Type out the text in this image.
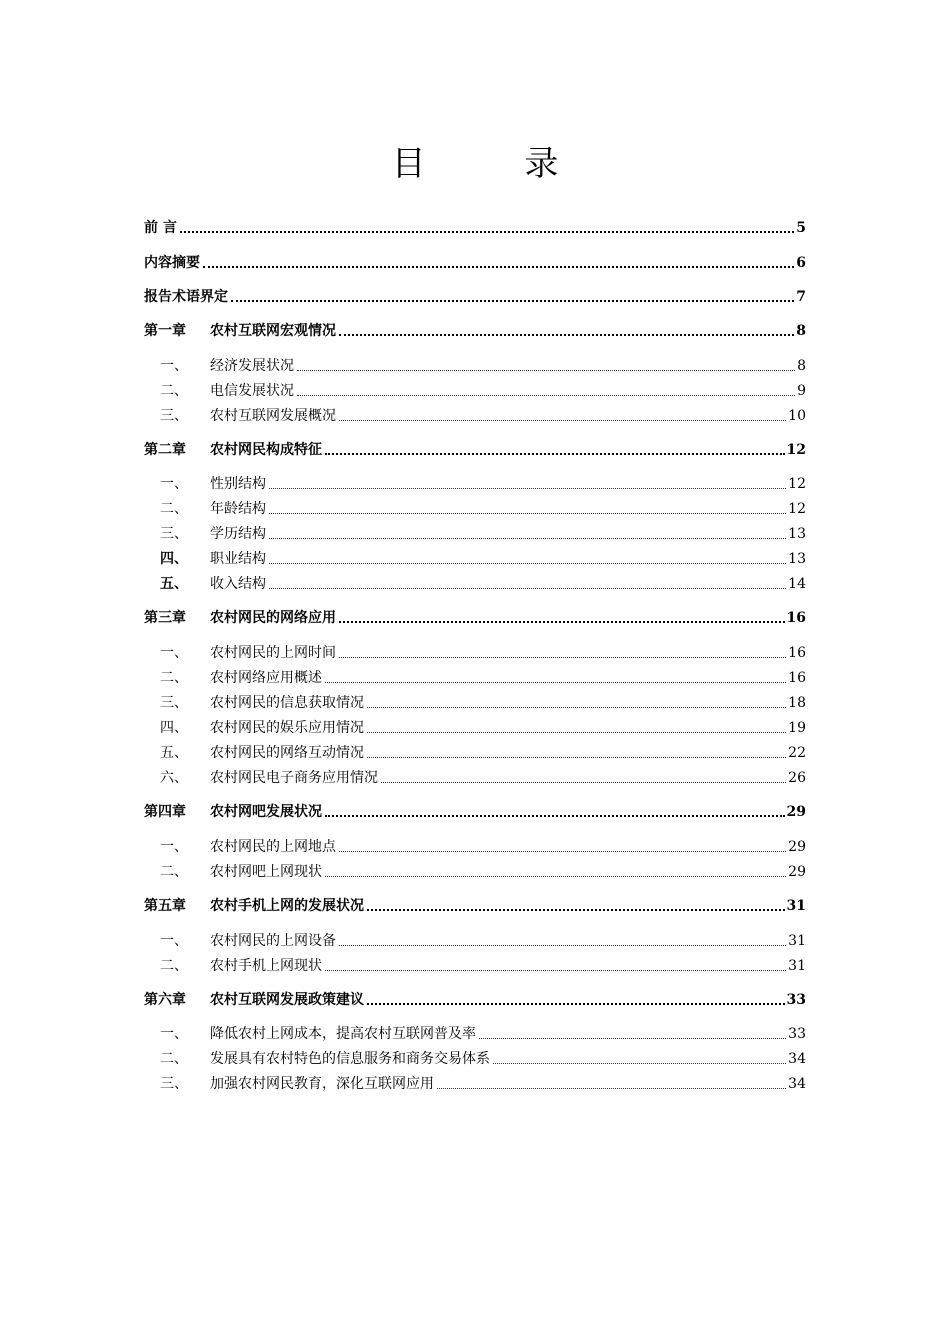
目 录
前 言	5
内容摘要	6
报告术语界定	7
第一章	农村互联网宏观情况	8
一、	经济发展状况	8
二、	电信发展状况	9
三、	农村互联网发展概况	10
第二章	农村网民构成特征	12
一、	性别结构	12
二、	年龄结构	12
三、	学历结构	13
四、	职业结构	13
五、	收入结构	14
第三章	农村网民的网络应用	16
一、	农村网民的上网时间	16
二、	农村网络应用概述	16
三、	农村网民的信息获取情况	18
四、	农村网民的娱乐应用情况	19
五、	农村网民的网络互动情况	22
六、	农村网民电子商务应用情况	26
第四章	农村网吧发展状况	29
一、	农村网民的上网地点	29
二、	农村网吧上网现状	29
第五章	农村手机上网的发展状况	31
一、	农村网民的上网设备	31
二、	农村手机上网现状	31
第六章	农村互联网发展政策建议	33
一、	降低农村上网成本，提高农村互联网普及率	33
二、	发展具有农村特色的信息服务和商务交易体系	34
三、	加强农村网民教育，深化互联网应用	34
